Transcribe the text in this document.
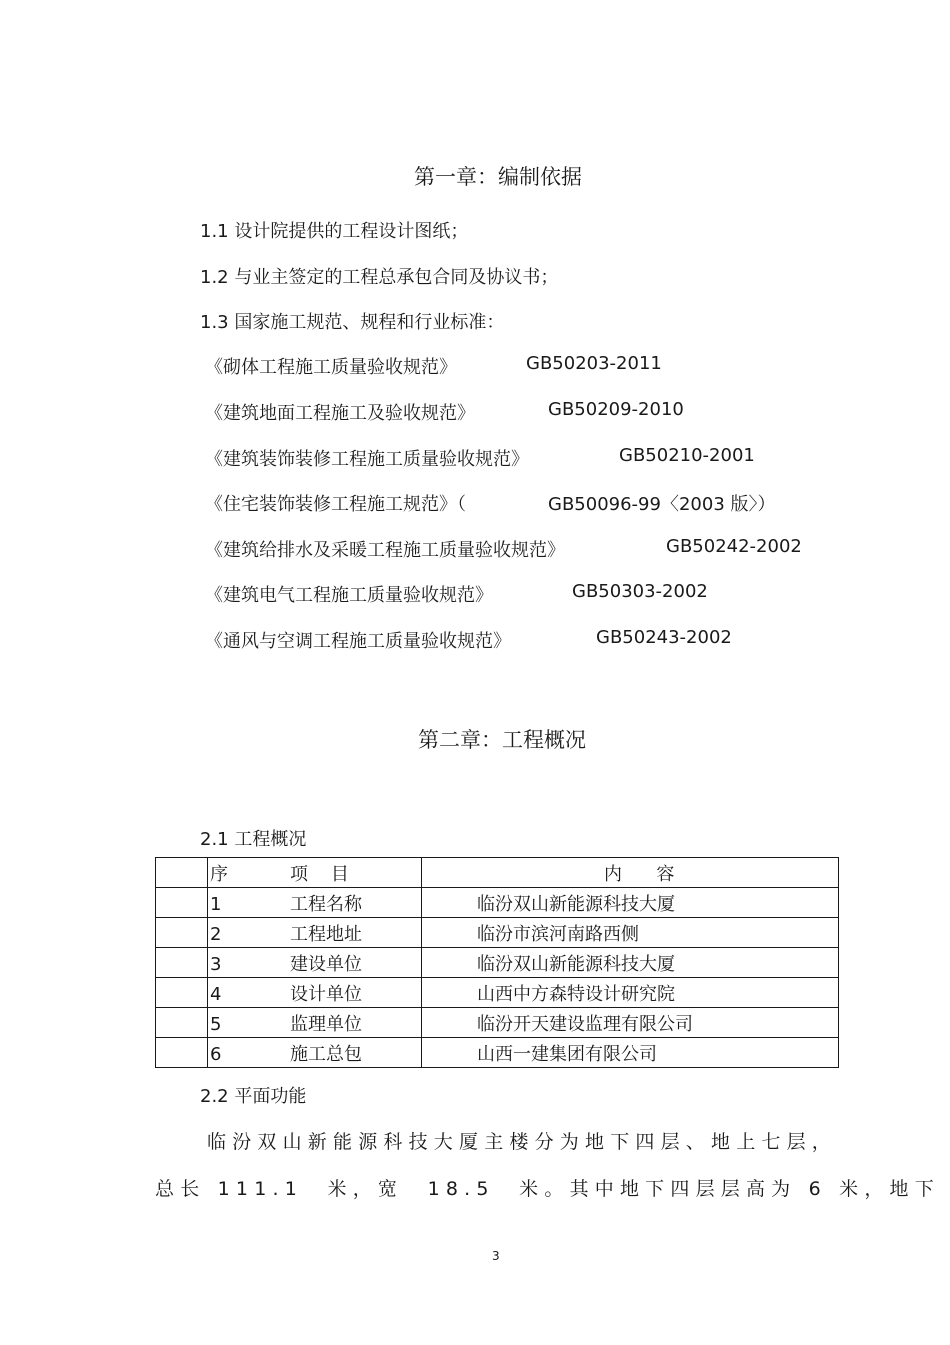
第一章：编制依据
1.1 设计院提供的工程设计图纸；
1.2 与业主签定的工程总承包合同及协议书；
1.3 国家施工规范、规程和行业标准：
《砌体工程施工质量验收规范》	GB50203-2011
《建筑地面工程施工及验收规范》	GB50209-2010
《建筑装饰装修工程施工质量验收规范》	GB50210-2001
《住宅装饰装修工程施工规范》（	GB50096-99〈2003 版〉）
《建筑给排水及采暖工程施工质量验收规范》	GB50242-2002
《建筑电气工程施工质量验收规范》	GB50303-2002
《通风与空调工程施工质量验收规范》	GB50243-2002
第二章：工程概况
2.1 工程概况
	序 项    目	内      容
	1 工程名称	临汾双山新能源科技大厦
	2 工程地址	临汾市滨河南路西侧
	3 建设单位	临汾双山新能源科技大厦
	4 设计单位	山西中方森特设计研究院
	5 监理单位	临汾开天建设监理有限公司
	6 施工总包	山西一建集团有限公司
2.2 平面功能
临汾双山新能源科技大厦主楼分为地下四层、地上七层，
总长 111.1  米，宽  18.5  米。其中地下四层层高为 6 米，地下
3
